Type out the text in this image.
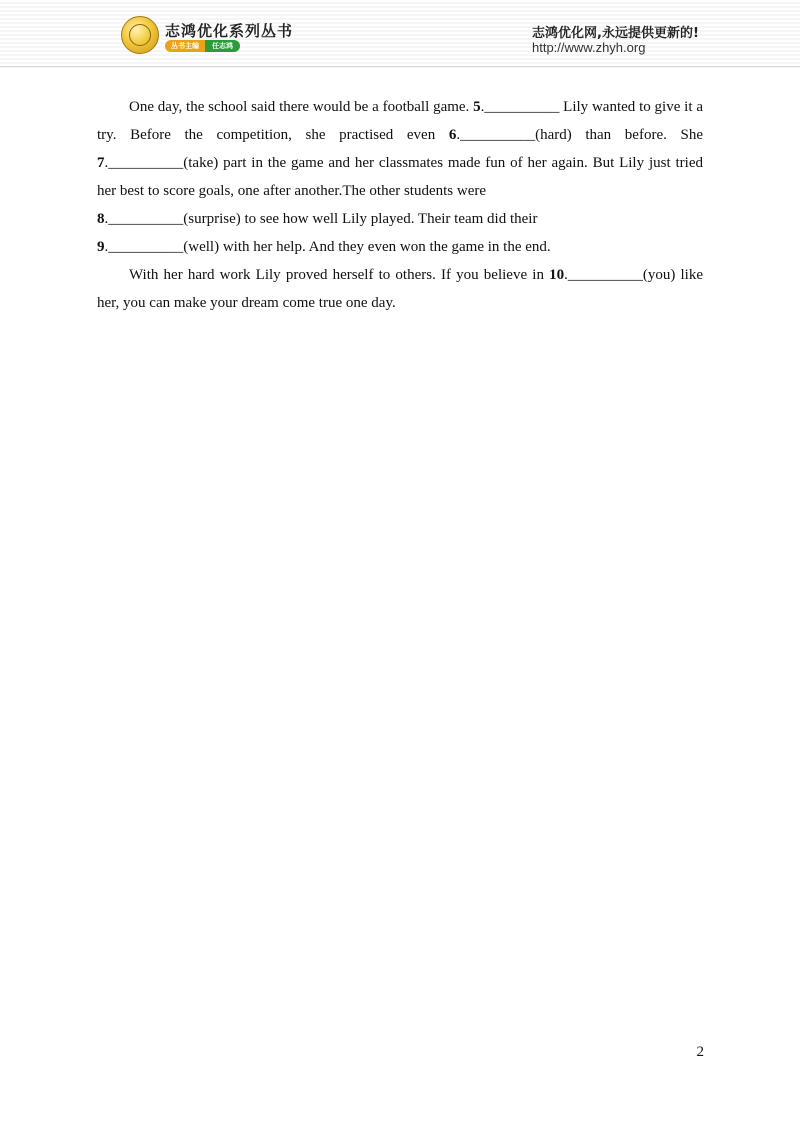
志鸿优化系列丛书
丛书主编	任志鸿
志鸿优化网,永远提供更新的!
http://www.zhyh.org

One day, the school said there would be a football game. 5.__________ Lily wanted to give it a try. Before the competition, she practised even 6.__________(hard) than before. She 7.__________(take) part in the game and her classmates made fun of her again. But Lily just tried her best to score goals, one after another.The other students were
8.__________(surprise) to see how well Lily played. Their team did their
9.__________(well) with her help. And they even won the game in the end.

With her hard work Lily proved herself to others. If you believe in 10.__________(you) like her, you can make your dream come true one day.

2
